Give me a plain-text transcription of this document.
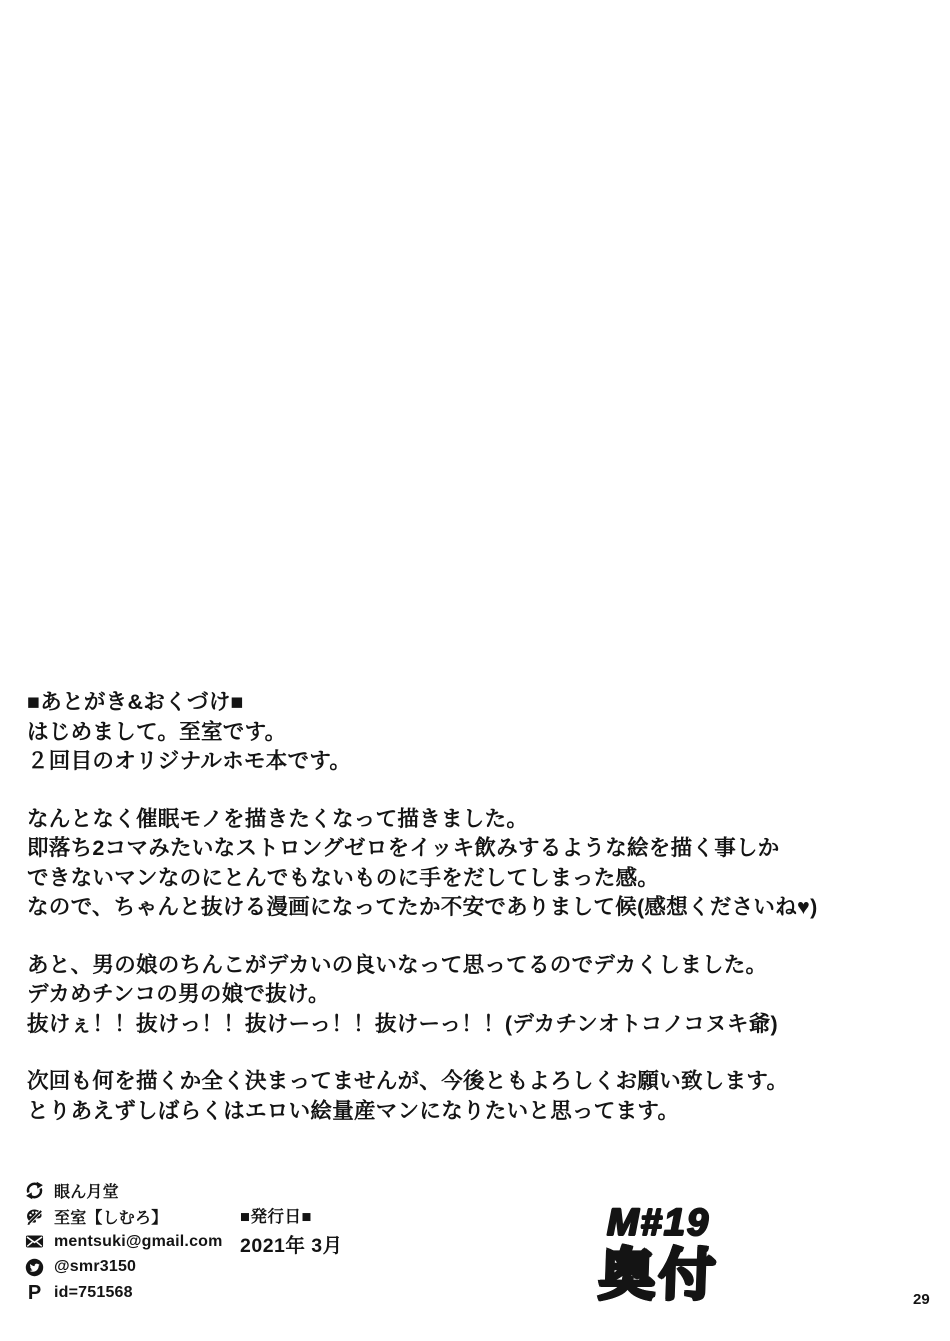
■あとがき&おくづけ■
はじめまして。至室です。
２回目のオリジナルホモ本です。

なんとなく催眠モノを描きたくなって描きました。
即落ち2コマみたいなストロングゼロをイッキ飲みするような絵を描く事しか
できないマンなのにとんでもないものに手をだしてしまった感。
なので、ちゃんと抜ける漫画になってたか不安でありまして候(感想くださいね♥)

あと、男の娘のちんこがデカいの良いなって思ってるのでデカくしました。
デカめチンコの男の娘で抜け。
抜けぇ！！抜けっ！！抜けーっ！！抜けーっ！！(デカチンオトコノコヌキ爺)

次回も何を描くか全く決まってませんが、今後ともよろしくお願い致します。
とりあえずしばらくはエロい絵量産マンになりたいと思ってます。

眼ん月堂
至室【しむろ】
mentsuki@gmail.com
@smr3150
P id=751568
■発行日■
2021年 3月
M#19
奥付	29
